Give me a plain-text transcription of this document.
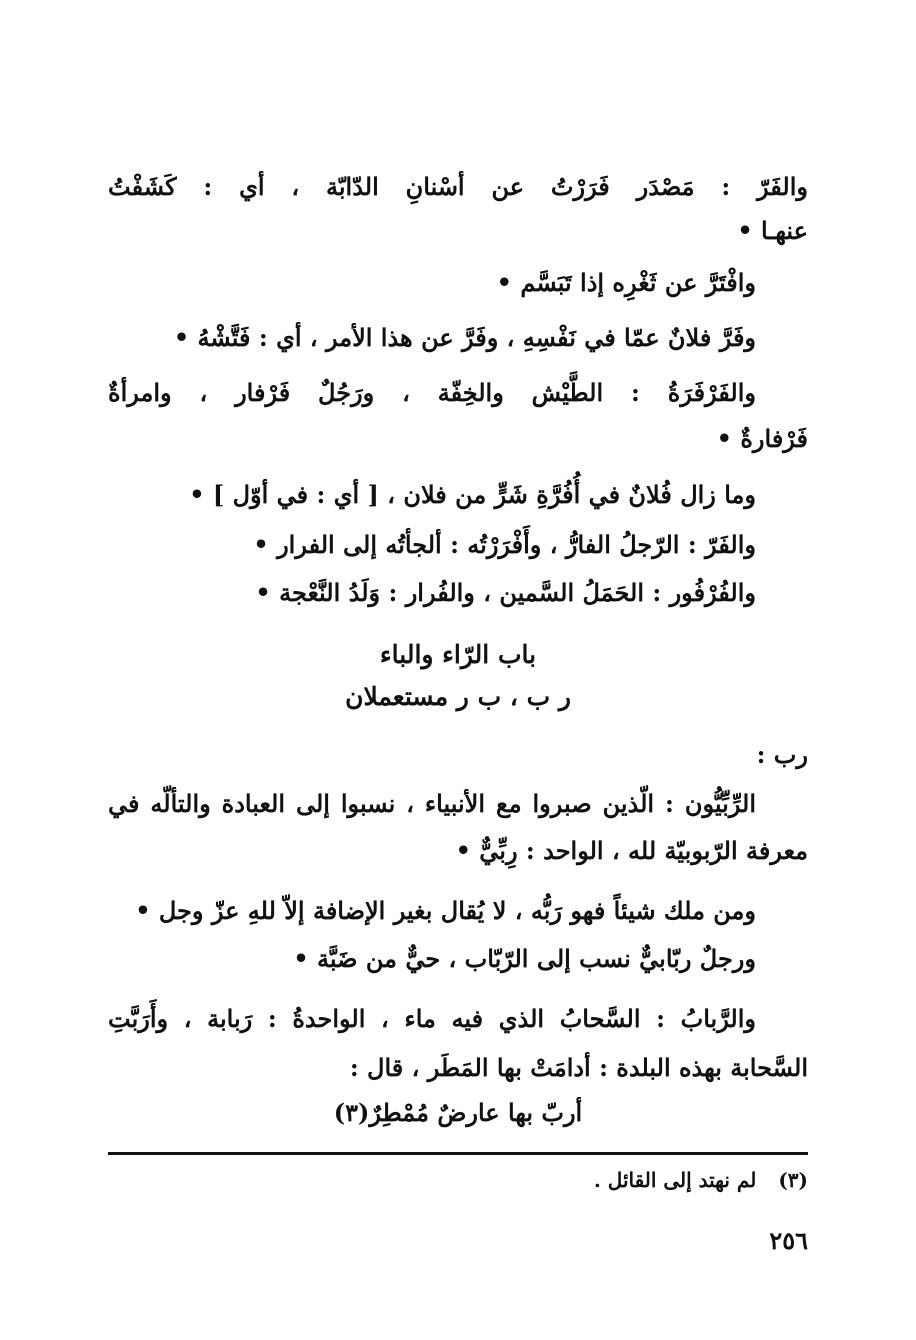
والفَرّ : مَصْدَر فَرَرْتُ عن أسْنانِ الدّابّة ، أي : كَشَفْتُ
عنهـا •
وافْتَرَّ عن ثَغْرِه إذا تَبَسَّم •
وفَرَّ فلانٌ عمّا في نَفْسِهِ ، وفَرَّ عن هذا الأمر ، أي : فَتَّشْهُ •
والفَرْفَرَةُ : الطَّيْش والخِفّة ، ورَجُلٌ فَرْفار ، وامرأةٌ
فَرْفارةٌ •
وما زال فُلانٌ في أُفُرَّةِ شَرٍّ من فلان ، [ أي : في أوّل ] •
والفَرّ : الرّجلُ الفارُّ ، وأَفْرَرْتُه : ألجأتُه إلى الفرار •
والفُرْفُور : الحَمَلُ السَّمين ، والفُرار : وَلَدُ النَّعْجة •
باب الرّاء والباء
ر ب ، ب ر مستعملان
رب :
الرِّبِّيُّون : الّذين صبروا مع الأنبياء ، نسبوا إلى العبادة والتألّه في
معرفة الرّبوبيّة لله ، الواحد : رِبِّيٌّ •
ومن ملك شيئاً فهو رَبُّه ، لا يُقال بغير الإضافة إلاّ للهِ عزّ وجل •
ورجلٌ ربّابيٌّ نسب إلى الرّبّاب ، حيٌّ من ضَبَّة •
والرَّبابُ : السَّحابُ الذي فيه ماء ، الواحدةُ : رَبابة ، وأَرَبَّتِ
السَّحابة بهذه البلدة : أدامَتْ بها المَطَر ، قال :
أربّ بها عارضٌ مُمْطِرٌ(٣)
(٣)لم نهتد إلى القائل .
٢٥٦
